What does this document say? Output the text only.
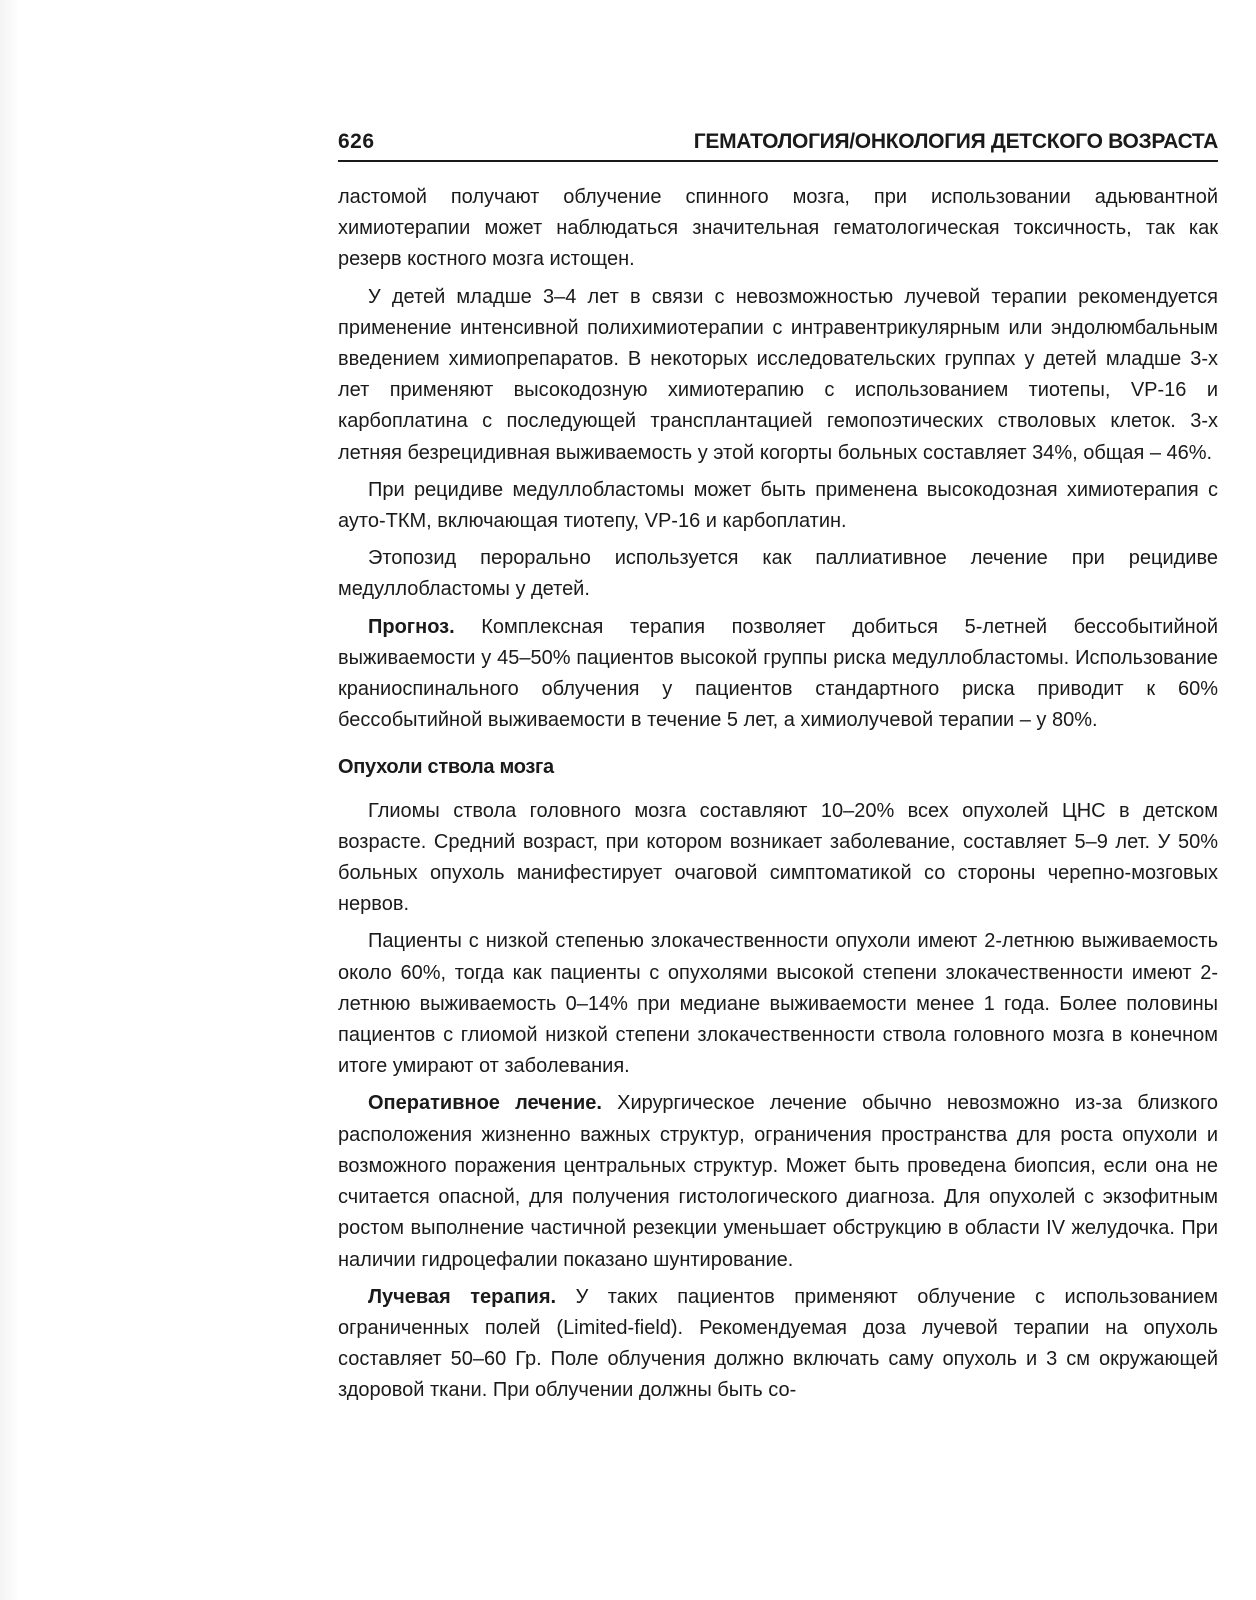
626	ГЕМАТОЛОГИЯ/ОНКОЛОГИЯ ДЕТСКОГО ВОЗРАСТА

ластомой получают облучение спинного мозга, при использовании адьювантной химиотерапии может наблюдаться значительная гематологическая токсичность, так как резерв костного мозга истощен.

У детей младше 3–4 лет в связи с невозможностью лучевой терапии рекомендуется применение интенсивной полихимиотерапии с интравентрикулярным или эндолюмбальным введением химиопрепаратов. В некоторых исследовательских группах у детей младше 3-х лет применяют высокодозную химиотерапию с использованием тиотепы, VP-16 и карбоплатина с последующей трансплантацией гемопоэтических стволовых клеток. 3-х летняя безрецидивная выживаемость у этой когорты больных составляет 34%, общая – 46%.

При рецидиве медуллобластомы может быть применена высокодозная химиотерапия с ауто-ТКМ, включающая тиотепу, VP-16 и карбоплатин.

Этопозид перорально используется как паллиативное лечение при рецидиве медуллобластомы у детей.

Прогноз. Комплексная терапия позволяет добиться 5-летней бессобытийной выживаемости у 45–50% пациентов высокой группы риска медуллобластомы. Использование краниоспинального облучения у пациентов стандартного риска приводит к 60% бессобытийной выживаемости в течение 5 лет, а химиолучевой терапии – у 80%.

Опухоли ствола мозга

Глиомы ствола головного мозга составляют 10–20% всех опухолей ЦНС в детском возрасте. Средний возраст, при котором возникает заболевание, составляет 5–9 лет. У 50% больных опухоль манифестирует очаговой симптоматикой со стороны черепно-мозговых нервов.

Пациенты с низкой степенью злокачественности опухоли имеют 2-летнюю выживаемость около 60%, тогда как пациенты с опухолями высокой степени злокачественности имеют 2-летнюю выживаемость 0–14% при медиане выживаемости менее 1 года. Более половины пациентов с глиомой низкой степени злокачественности ствола головного мозга в конечном итоге умирают от заболевания.

Оперативное лечение. Хирургическое лечение обычно невозможно из-за близкого расположения жизненно важных структур, ограничения пространства для роста опухоли и возможного поражения центральных структур. Может быть проведена биопсия, если она не считается опасной, для получения гистологического диагноза. Для опухолей с экзофитным ростом выполнение частичной резекции уменьшает обструкцию в области IV желудочка. При наличии гидроцефалии показано шунтирование.

Лучевая терапия. У таких пациентов применяют облучение с использованием ограниченных полей (Limited-field). Рекомендуемая доза лучевой терапии на опухоль составляет 50–60 Гр. Поле облучения должно включать саму опухоль и 3 см окружающей здоровой ткани. При облучении должны быть со-
